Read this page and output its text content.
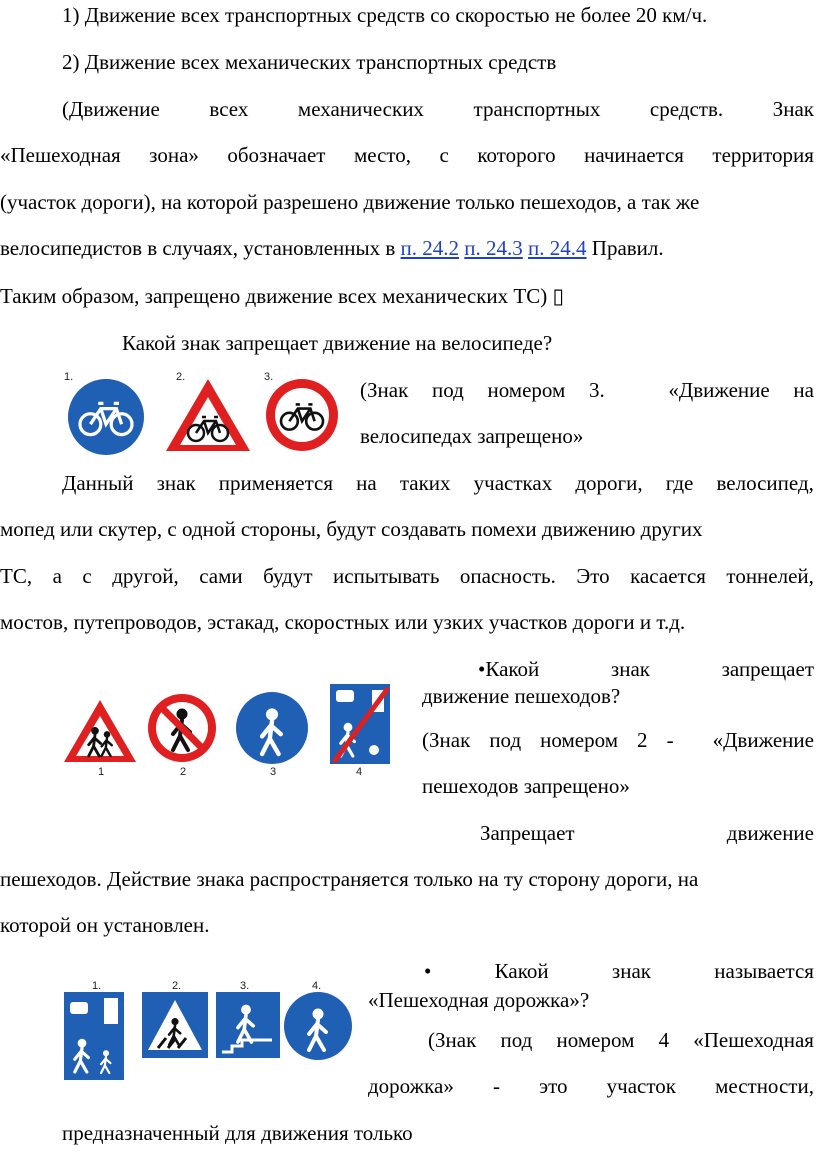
1) Движение всех транспортных средств со скоростью не более 20 км/ч.
2) Движение всех механических транспортных средств
(Движение всех механических транспортных средств. Знак
«Пешеходная зона» обозначает место, с которого начинается территория
(участок дороги), на которой разрешено движение только пешеходов, а так же
велосипедистов в случаях, установленных в п. 24.2 п. 24.3 п. 24.4 Правил.
Таким образом, запрещено движение всех механических ТС) ▯
Какой знак запрещает движение на велосипеде?
1.	2.	3.
(Знак под номером 3.	«Движение на
велосипедах запрещено»
Данный знак применяется на таких участках дороги, где велосипед,
мопед или скутер, с одной стороны, будут создавать помехи движению других
ТС, а с другой, сами будут испытывать опасность. Это касается тоннелей,
мостов, путепроводов, эстакад, скоростных или узких участков дороги и т.д.
•Какой	знак	запрещает
движение пешеходов?
1	2	3	4
(Знак под номером 2 - «Движение
пешеходов запрещено»
Запрещает	движение
пешеходов. Действие знака распространяется только на ту сторону дороги, на
которой он установлен.
•	Какой	знак	называется
«Пешеходная дорожка»?
1.	2.	3.	4.
(Знак под номером 4 «Пешеходная
дорожка» - это участок местности,
предназначенный для движения только
